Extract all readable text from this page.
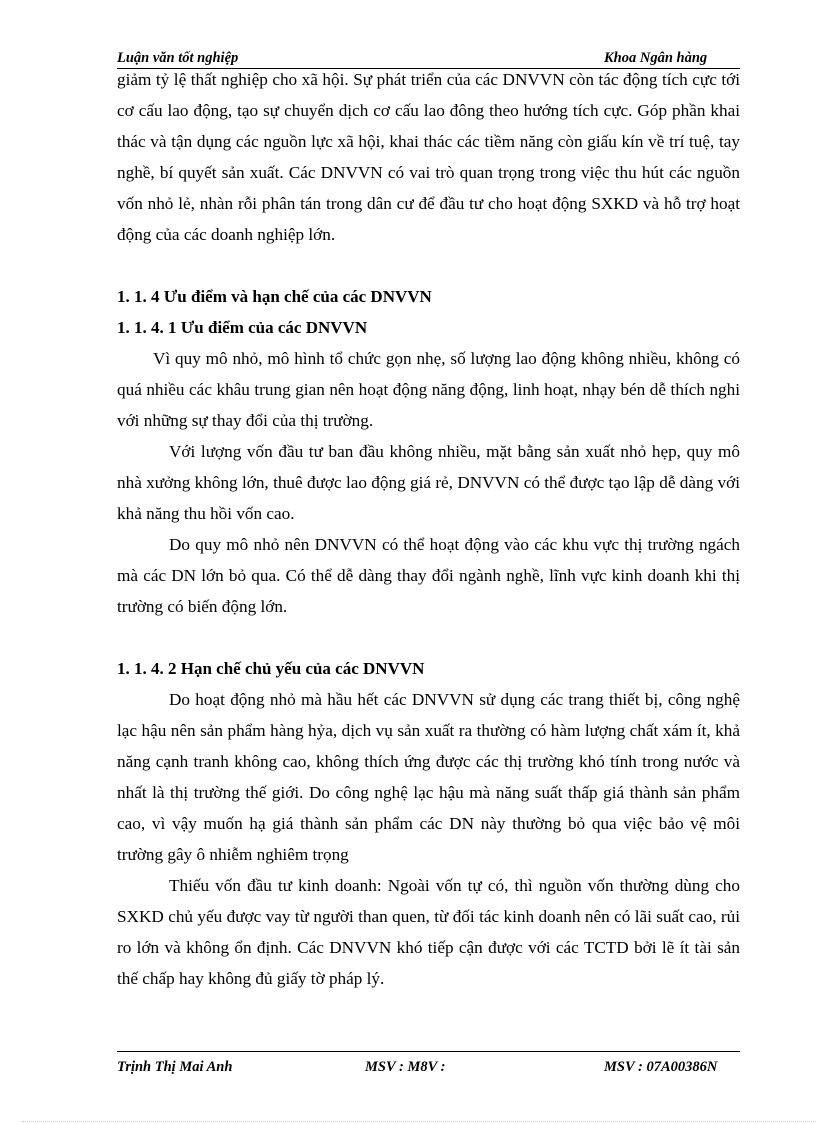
Luận văn tốt nghiệp	Khoa Ngân hàng

giảm tỷ lệ thất nghiệp cho xã hội. Sự phát triển của các DNVVN còn tác động tích cực tới cơ cấu lao động, tạo sự chuyển dịch cơ cấu lao đông theo hướng tích cực. Góp phần khai thác và tận dụng các nguồn lực xã hội, khai thác các tiềm năng còn giấu kín về trí tuệ, tay nghề, bí quyết sản xuất. Các DNVVN có vai trò quan trọng trong việc thu hút các nguồn vốn nhỏ lẻ, nhàn rỗi phân tán trong dân cư để đầu tư cho hoạt động SXKD và hỗ trợ hoạt động của các doanh nghiệp lớn.

1. 1. 4 Ưu điểm và hạn chế của các DNVVN

1. 1. 4. 1 Ưu điểm của các DNVVN

Vì quy mô nhỏ, mô hình tổ chức gọn nhẹ, số lượng lao động không nhiều, không có quá nhiều các khâu trung gian nên hoạt động năng động, linh hoạt, nhạy bén dễ thích nghi với những sự thay đổi của thị trường.

Với lượng vốn đầu tư ban đầu không nhiều, mặt bằng sản xuất nhỏ hẹp, quy mô nhà xưởng không lớn, thuê được lao động giá rẻ, DNVVN có thể được tạo lập dễ dàng với khả năng thu hồi vốn cao.

Do quy mô nhỏ nên DNVVN có thể hoạt động vào các khu vực thị trường ngách mà các DN lớn bỏ qua. Có thể dễ dàng thay đổi ngành nghề, lĩnh vực kinh doanh khi thị trường có biến động lớn.

1. 1. 4. 2 Hạn chế chủ yếu của các DNVVN

Do hoạt động nhỏ mà hầu hết các DNVVN sử dụng các trang thiết bị, công nghệ lạc hậu nên sản phẩm hàng hỷa, dịch vụ sản xuất ra thường có hàm lượng chất xám ít, khả năng cạnh tranh không cao, không thích ứng được các thị trường khó tính trong nước và nhất là thị trường thế giới. Do công nghệ lạc hậu mà năng suất thấp giá thành sản phẩm cao, vì vậy muốn hạ giá thành sản phẩm các DN này thường bỏ qua việc bảo vệ môi trường gây ô nhiễm nghiêm trọng

Thiếu vốn đầu tư kinh doanh: Ngoài vốn tự có, thì nguồn vốn thường dùng cho SXKD chủ yếu được vay từ người than quen, từ đối tác kinh doanh nên có lãi suất cao, rủi ro lớn và không ổn định. Các DNVVN khó tiếp cận được với các TCTD bởi lẽ ít tài sản thế chấp hay không đủ giấy tờ pháp lý.

Trịnh Thị Mai Anh	MSV : M8V :	MSV : 07A00386N
